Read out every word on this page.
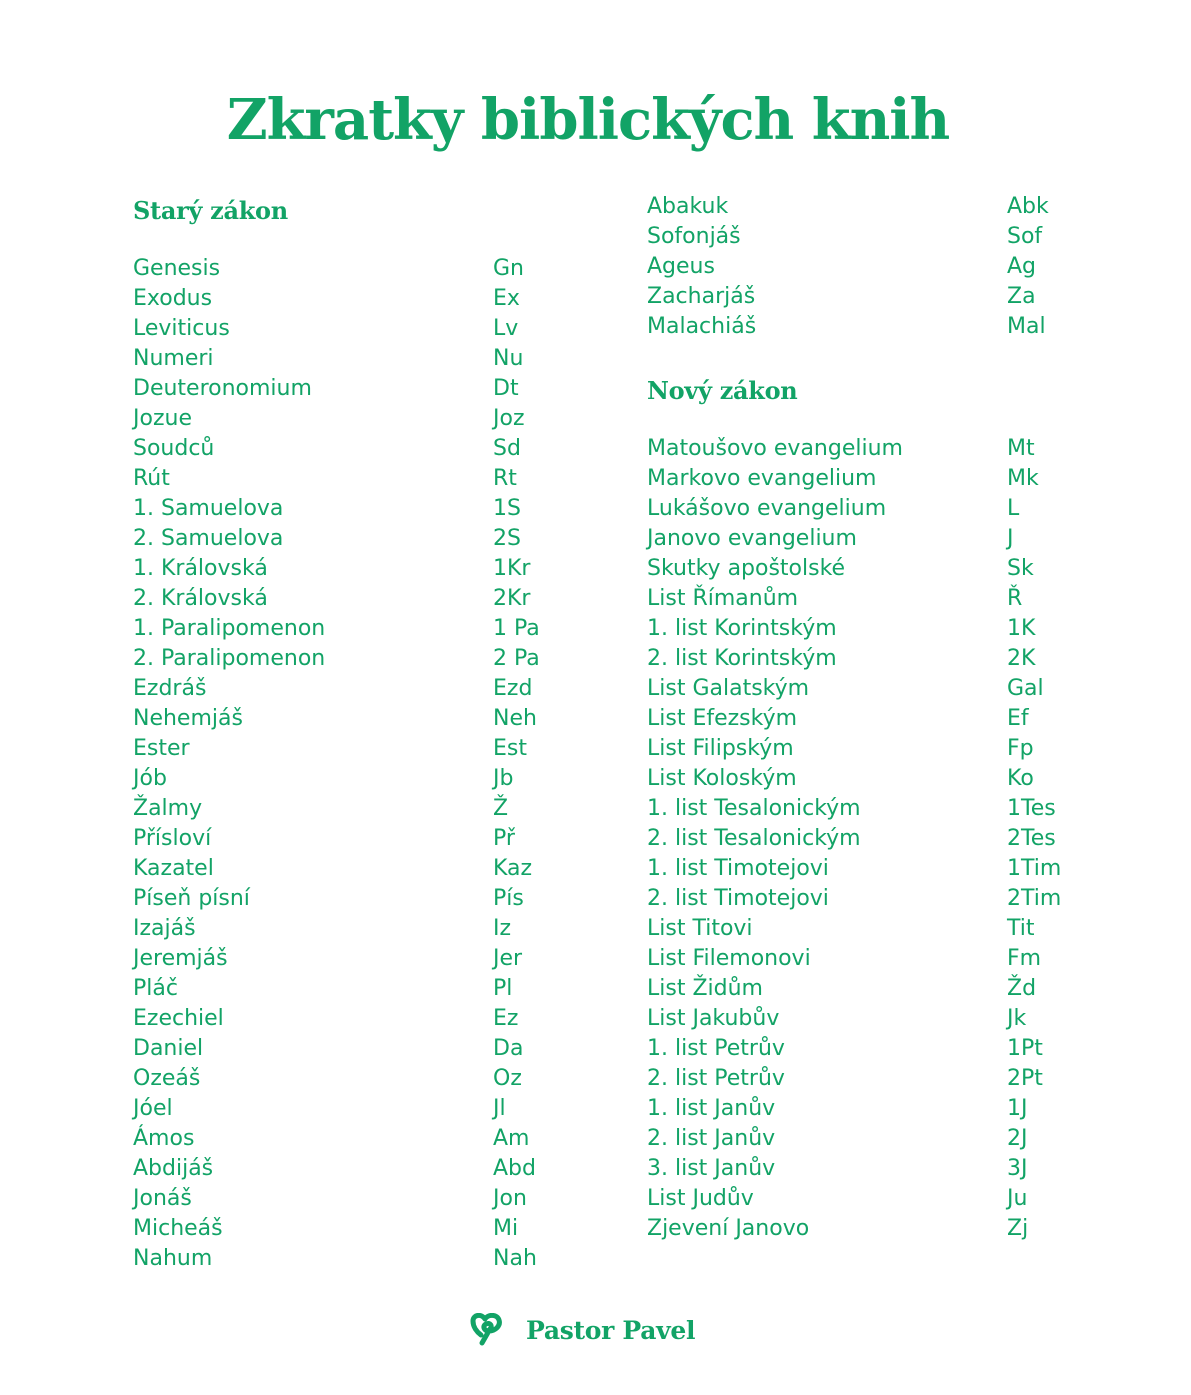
Zkratky biblických knih
Starý zákon
Genesis	Gn
Exodus	Ex
Leviticus	Lv
Numeri	Nu
Deuteronomium	Dt
Jozue	Joz
Soudců	Sd
Rút	Rt
1. Samuelova	1S
2. Samuelova	2S
1. Královská	1Kr
2. Královská	2Kr
1. Paralipomenon	1 Pa
2. Paralipomenon	2 Pa
Ezdráš	Ezd
Nehemjáš	Neh
Ester	Est
Jób	Jb
Žalmy	Ž
Přísloví	Př
Kazatel	Kaz
Píseň písní	Pís
Izajáš	Iz
Jeremjáš	Jer
Pláč	Pl
Ezechiel	Ez
Daniel	Da
Ozeáš	Oz
Jóel	Jl
Ámos	Am
Abdijáš	Abd
Jonáš	Jon
Micheáš	Mi
Nahum	Nah
Abakuk	Abk
Sofonjáš	Sof
Ageus	Ag
Zacharjáš	Za
Malachiáš	Mal
Nový zákon
Matoušovo evangelium	Mt
Markovo evangelium	Mk
Lukášovo evangelium	L
Janovo evangelium	J
Skutky apoštolské	Sk
List Římanům	Ř
1. list Korintským	1K
2. list Korintským	2K
List Galatským	Gal
List Efezským	Ef
List Filipským	Fp
List Koloským	Ko
1. list Tesalonickým	1Tes
2. list Tesalonickým	2Tes
1. list Timotejovi	1Tim
2. list Timotejovi	2Tim
List Titovi	Tit
List Filemonovi	Fm
List Židům	Žd
List Jakubův	Jk
1. list Petrův	1Pt
2. list Petrův	2Pt
1. list Janův	1J
2. list Janův	2J
3. list Janův	3J
List Judův	Ju
Zjevení Janovo	Zj
Pastor Pavel
